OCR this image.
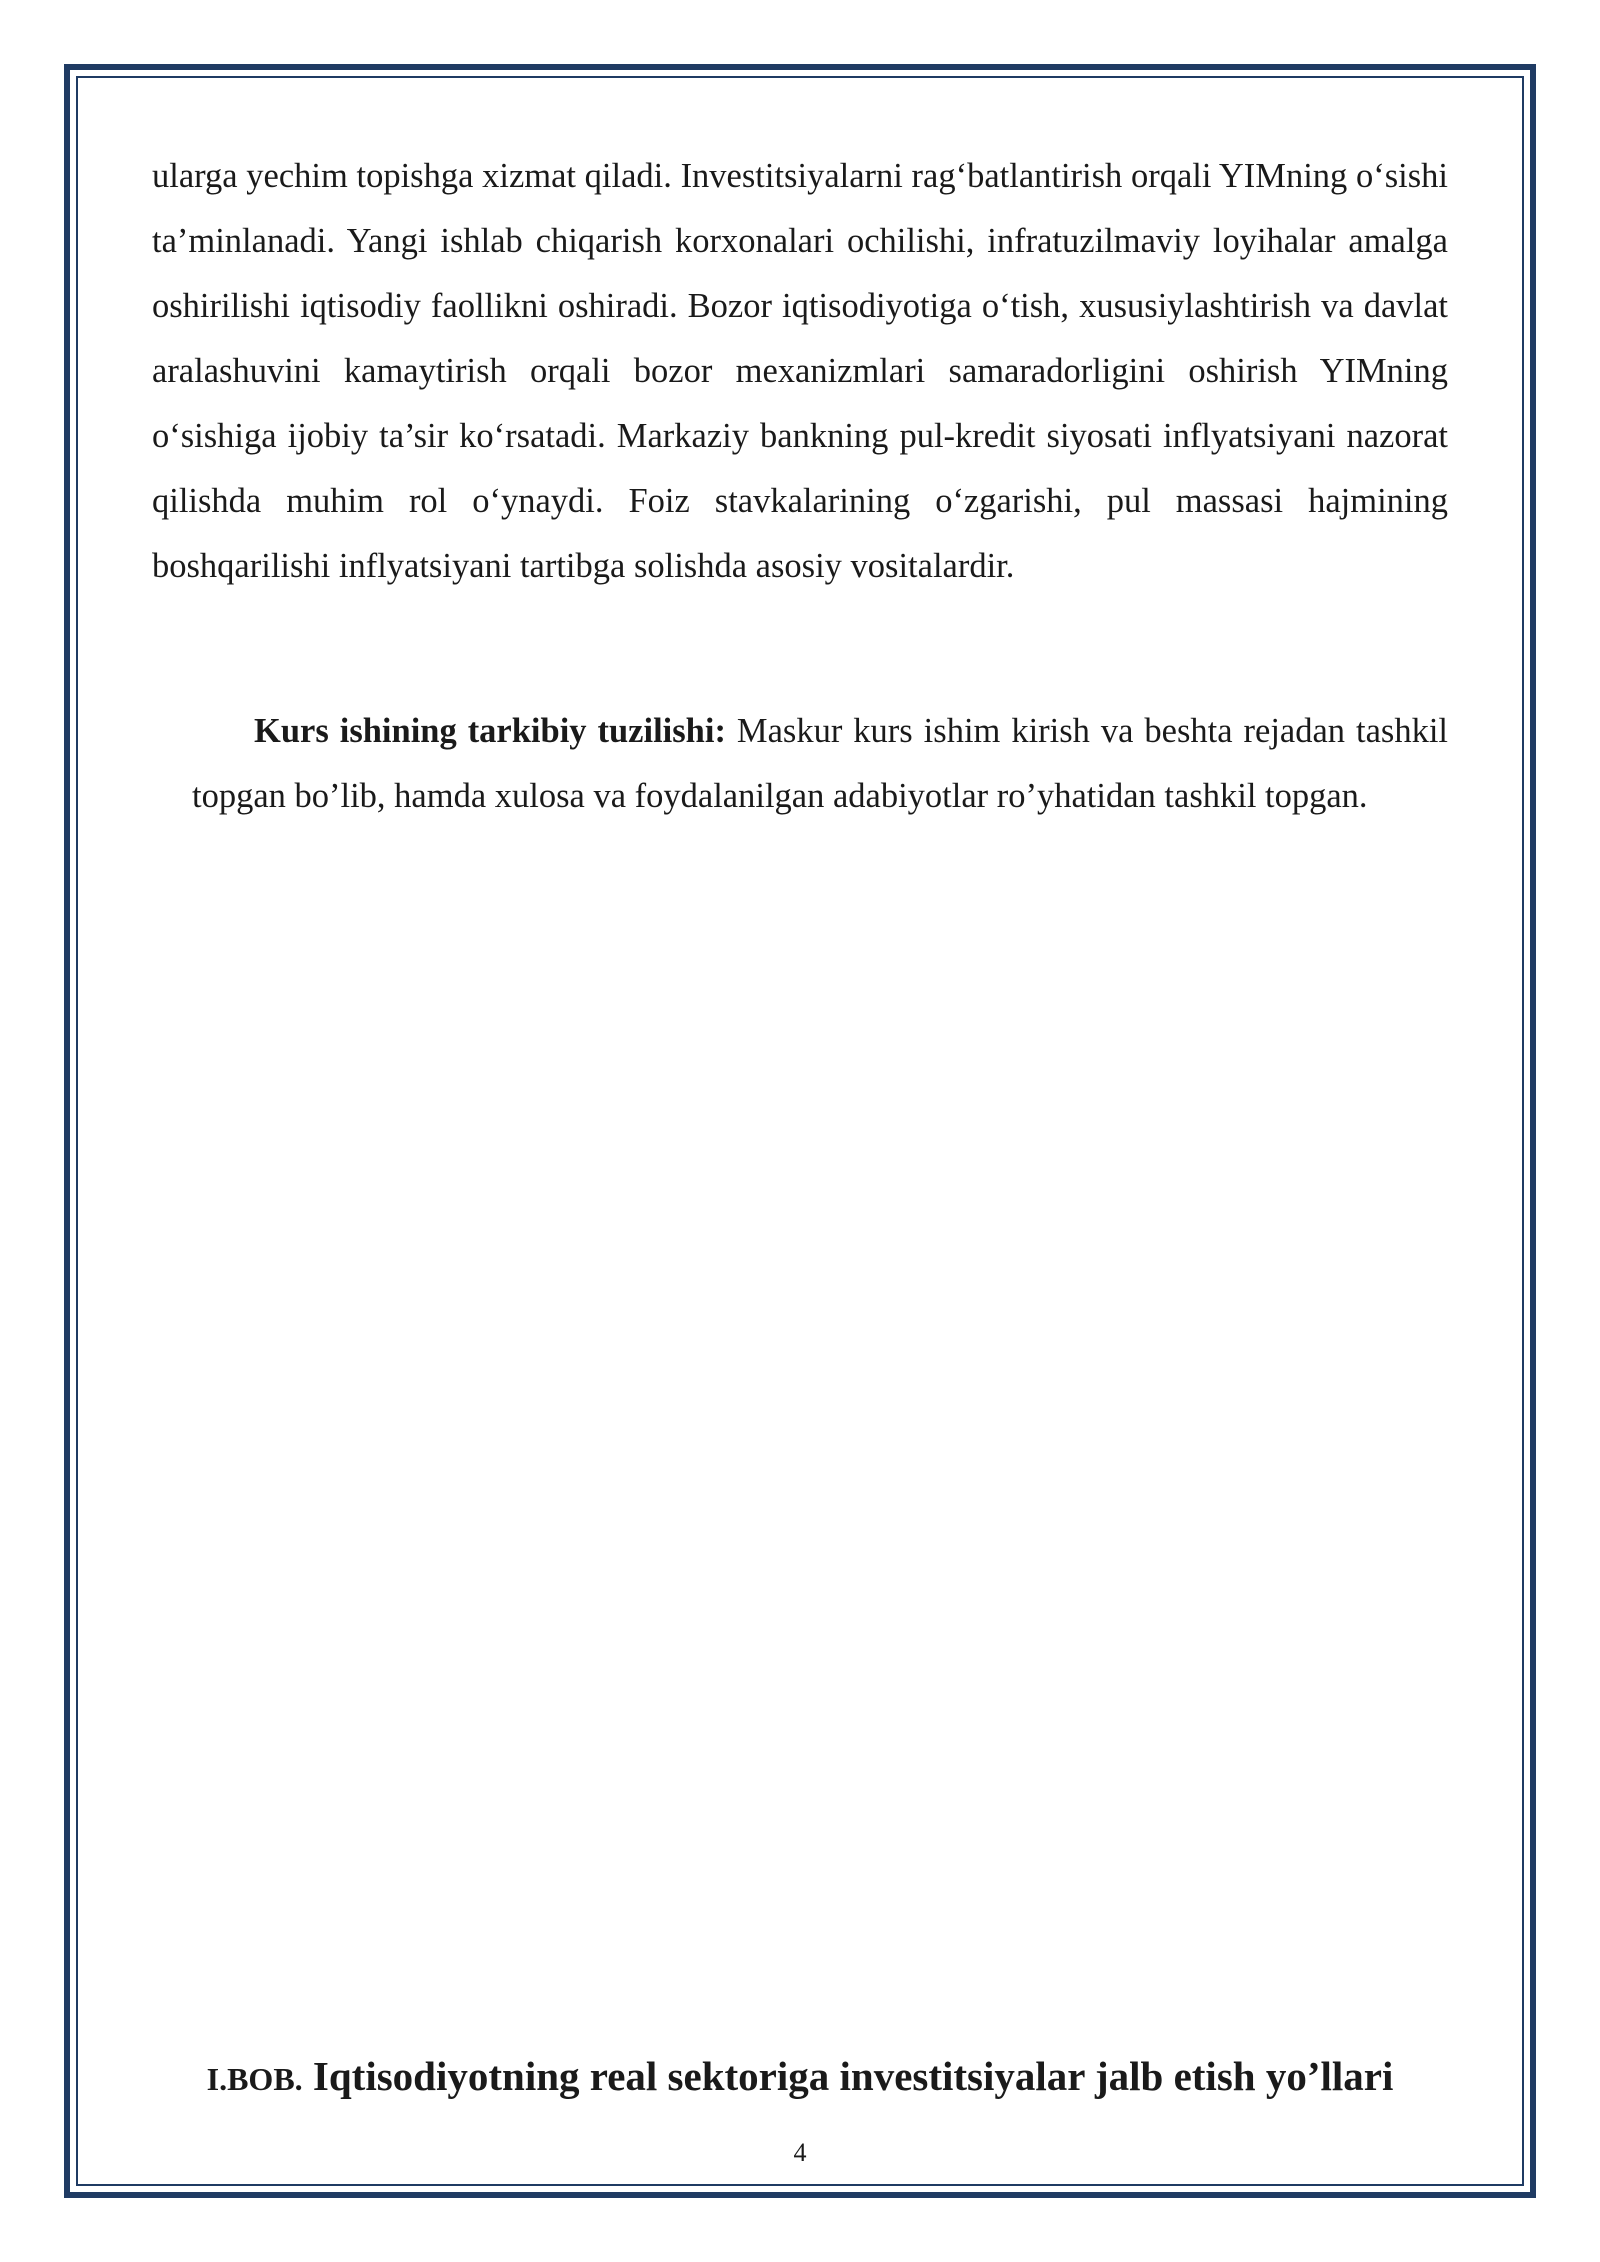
ularga yechim topishga xizmat qiladi. Investitsiyalarni rag‘batlantirish orqali YIMning o‘sishi ta’minlanadi. Yangi ishlab chiqarish korxonalari ochilishi, infratuzilmaviy loyihalar amalga oshirilishi iqtisodiy faollikni oshiradi. Bozor iqtisodiyotiga o‘tish, xususiylashtirish va davlat aralashuvini kamaytirish orqali bozor mexanizmlari samaradorligini oshirish YIMning o‘sishiga ijobiy ta’sir ko‘rsatadi. Markaziy bankning pul-kredit siyosati inflyatsiyani nazorat qilishda muhim rol o‘ynaydi. Foiz stavkalarining o‘zgarishi, pul massasi hajmining boshqarilishi inflyatsiyani tartibga solishda asosiy vositalardir.

Kurs ishining tarkibiy tuzilishi: Maskur kurs ishim kirish va beshta rejadan tashkil topgan bo’lib, hamda xulosa va foydalanilgan adabiyotlar ro’yhatidan tashkil topgan.

I.BOB. Iqtisodiyotning real sektoriga investitsiyalar jalb etish yo’llari
4
